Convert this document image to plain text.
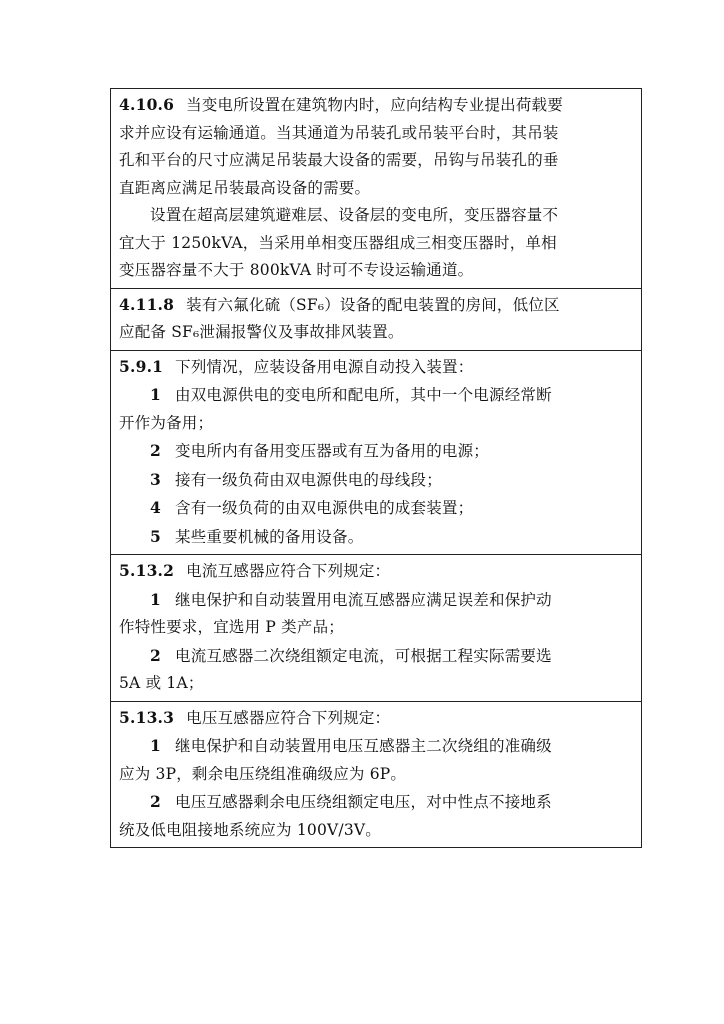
4.10.6 当变电所设置在建筑物内时，应向结构专业提出荷载要
求并应设有运输通道。当其通道为吊装孔或吊装平台时，其吊装
孔和平台的尺寸应满足吊装最大设备的需要，吊钩与吊装孔的垂
直距离应满足吊装最高设备的需要。
设置在超高层建筑避难层、设备层的变电所，变压器容量不
宜大于 1250kVA，当采用单相变压器组成三相变压器时，单相
变压器容量不大于 800kVA 时可不专设运输通道。
4.11.8 装有六氟化硫（SF₆）设备的配电装置的房间，低位区
应配备 SF₆泄漏报警仪及事故排风装置。
5.9.1 下列情况，应装设备用电源自动投入装置：
1 由双电源供电的变电所和配电所，其中一个电源经常断
开作为备用；
2 变电所内有备用变压器或有互为备用的电源；
3 接有一级负荷由双电源供电的母线段；
4 含有一级负荷的由双电源供电的成套装置；
5 某些重要机械的备用设备。
5.13.2 电流互感器应符合下列规定：
1 继电保护和自动装置用电流互感器应满足误差和保护动
作特性要求，宜选用 P 类产品；
2 电流互感器二次绕组额定电流，可根据工程实际需要选
5A 或 1A；
5.13.3 电压互感器应符合下列规定：
1 继电保护和自动装置用电压互感器主二次绕组的准确级
应为 3P，剩余电压绕组准确级应为 6P。
2 电压互感器剩余电压绕组额定电压，对中性点不接地系
统及低电阻接地系统应为 100V/3V。
